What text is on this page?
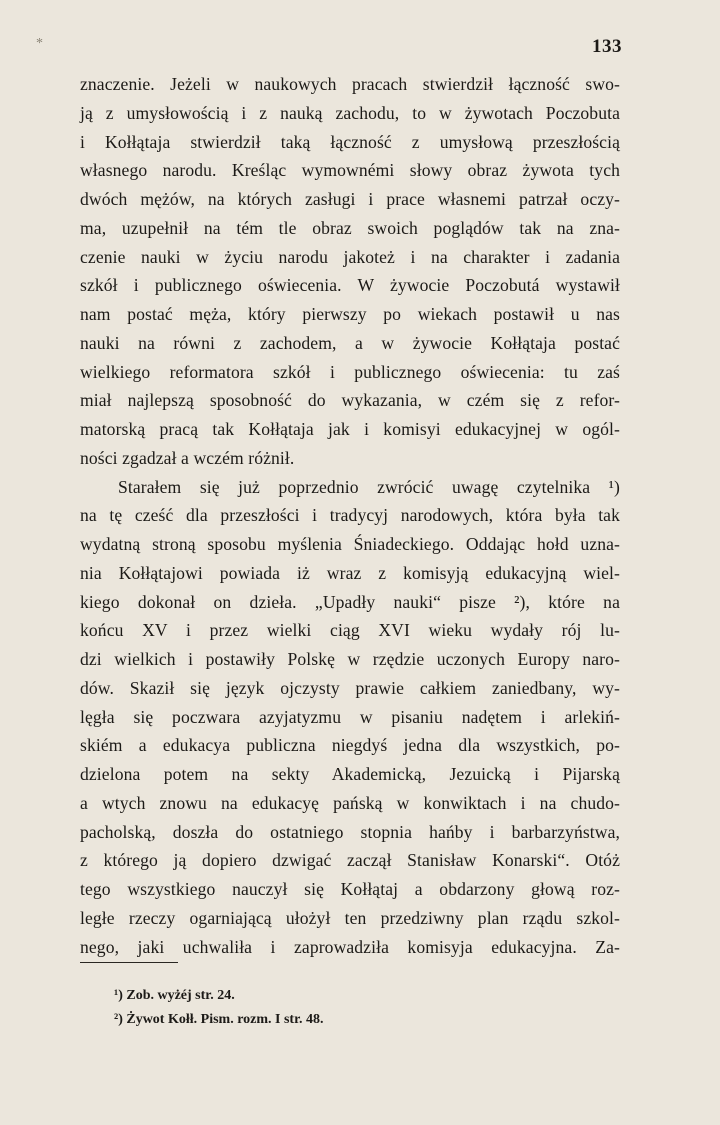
*	133
znaczenie. Jeżeli w naukowych pracach stwierdził łączność swo-
ją z umysłowością i z nauką zachodu, to w żywotach Poczobuta
i Kołłątaja stwierdził taką łączność z umysłową przeszłością
własnego narodu. Kreśląc wymownémi słowy obraz żywota tych
dwóch mężów, na których zasługi i prace własnemi patrzał oczy-
ma, uzupełnił na tém tle obraz swoich poglądów tak na zna-
czenie nauki w życiu narodu jakoteż i na charakter i zadania
szkół i publicznego oświecenia. W żywocie Poczobutá wystawił
nam postać męża, który pierwszy po wiekach postawił u nas
nauki na równi z zachodem, a w żywocie Kołłątaja postać
wielkiego reformatora szkół i publicznego oświecenia: tu zaś
miał najlepszą sposobność do wykazania, w czém się z refor-
matorską pracą tak Kołłątaja jak i komisyi edukacyjnej w ogól-
ności zgadzał a wczém różnił.
Starałem się już poprzednio zwrócić uwagę czytelnika ¹)
na tę cześć dla przeszłości i tradycyj narodowych, która była tak
wydatną stroną sposobu myślenia Śniadeckiego. Oddając hołd uzna-
nia Kołłątajowi powiada iż wraz z komisyją edukacyjną wiel-
kiego dokonał on dzieła. „Upadły nauki“ pisze ²), które na
końcu XV i przez wielki ciąg XVI wieku wydały rój lu-
dzi wielkich i postawiły Polskę w rzędzie uczonych Europy naro-
dów. Skaził się język ojczysty prawie całkiem zaniedbany, wy-
lęgła się poczwara azyjatyzmu w pisaniu nadętem i arlekiń-
skiém a edukacya publiczna niegdyś jedna dla wszystkich, po-
dzielona potem na sekty Akademicką, Jezuicką i Pijarską
a wtych znowu na edukacyę pańską w konwiktach i na chudo-
pacholską, doszła do ostatniego stopnia hańby i barbarzyństwa,
z którego ją dopiero dzwigać zaczął Stanisław Konarski“. Otóż
tego wszystkiego nauczył się Kołłątaj a obdarzony głową roz-
ległe rzeczy ogarniającą ułożył ten przedziwny plan rządu szkol-
nego, jaki uchwaliła i zaprowadziła komisyja edukacyjna. Za-
¹) Zob. wyżéj str. 24.
²) Żywot Kołł. Pism. rozm. I str. 48.
